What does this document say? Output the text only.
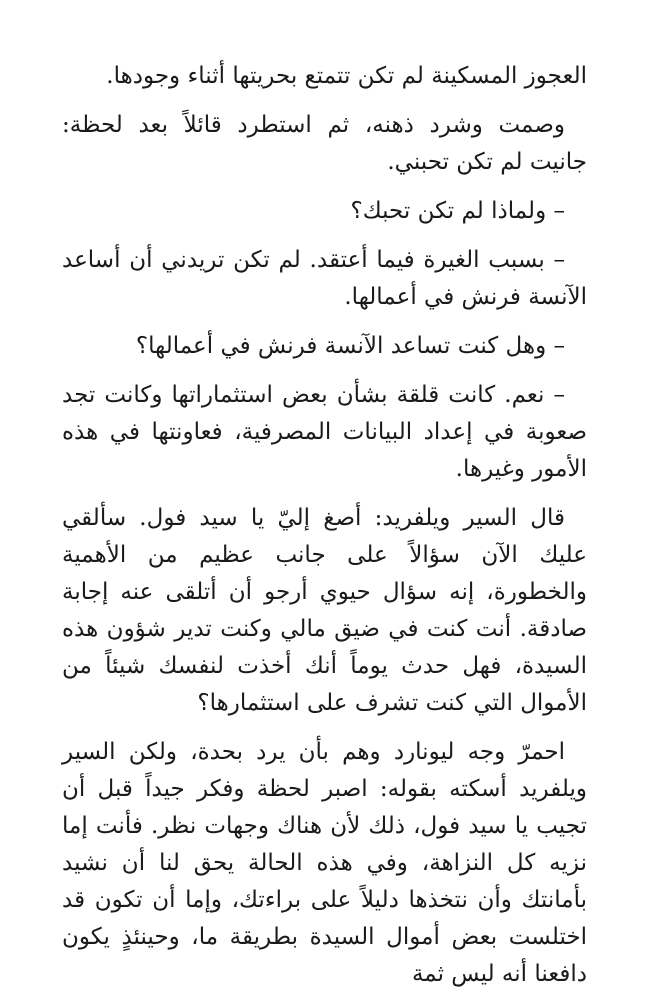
العجوز المسكينة لم تكن تتمتع بحريتها أثناء وجودها.

وصمت وشرد ذهنه، ثم استطرد قائلاً بعد لحظة: جانيت لم تكن تحبني.

– ولماذا لم تكن تحبك؟

– بسبب الغيرة فيما أعتقد. لم تكن تريدني أن أساعد الآنسة فرنش في أعمالها.

– وهل كنت تساعد الآنسة فرنش في أعمالها؟

– نعم. كانت قلقة بشأن بعض استثماراتها وكانت تجد صعوبة في إعداد البيانات المصرفية، فعاونتها في هذه الأمور وغيرها.

قال السير ويلفريد: أصغ إليّ يا سيد فول. سألقي عليك الآن سؤالاً على جانب عظيم من الأهمية والخطورة، إنه سؤال حيوي أرجو أن أتلقى عنه إجابة صادقة. أنت كنت في ضيق مالي وكنت تدير شؤون هذه السيدة، فهل حدث يوماً أنك أخذت لنفسك شيئاً من الأموال التي كنت تشرف على استثمارها؟

احمرّ وجه ليونارد وهم بأن يرد بحدة، ولكن السير ويلفريد أسكته بقوله: اصبر لحظة وفكر جيداً قبل أن تجيب يا سيد فول، ذلك لأن هناك وجهات نظر. فأنت إما نزيه كل النزاهة، وفي هذه الحالة يحق لنا أن نشيد بأمانتك وأن نتخذها دليلاً على براءتك، وإما أن تكون قد اختلست بعض أموال السيدة بطريقة ما، وحينئذٍ يكون دافعنا أنه ليس ثمة
